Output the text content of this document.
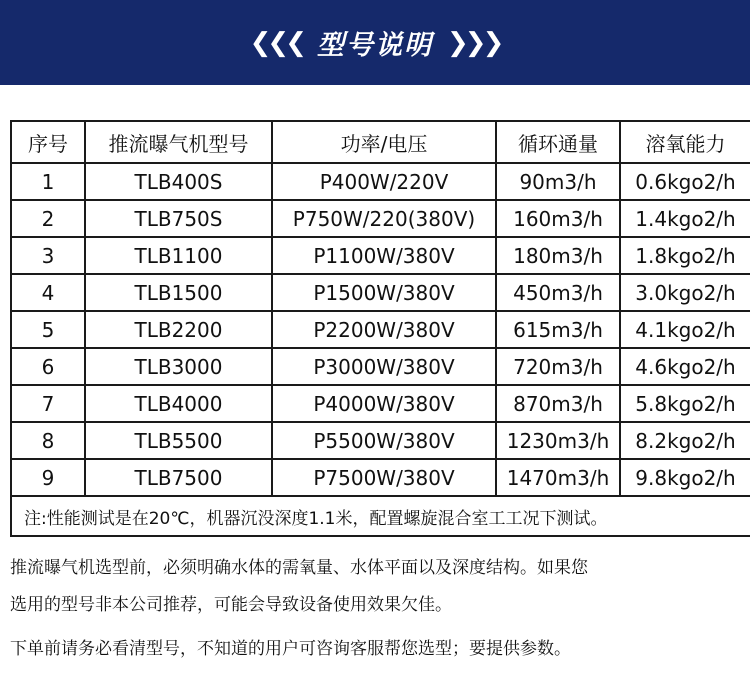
❮❮❮ 型号说明 ❯❯❯
序号	推流曝气机型号	功率/电压	循环通量	溶氧能力
1	TLB400S	P400W/220V	90m3/h	0.6kgo2/h
2	TLB750S	P750W/220(380V)	160m3/h	1.4kgo2/h
3	TLB1100	P1100W/380V	180m3/h	1.8kgo2/h
4	TLB1500	P1500W/380V	450m3/h	3.0kgo2/h
5	TLB2200	P2200W/380V	615m3/h	4.1kgo2/h
6	TLB3000	P3000W/380V	720m3/h	4.6kgo2/h
7	TLB4000	P4000W/380V	870m3/h	5.8kgo2/h
8	TLB5500	P5500W/380V	1230m3/h	8.2kgo2/h
9	TLB7500	P7500W/380V	1470m3/h	9.8kgo2/h
注:性能测试是在20℃，机器沉没深度1.1米，配置螺旋混合室工工况下测试。				
推流曝气机选型前，必须明确水体的需氧量、水体平面以及深度结构。如果您
选用的型号非本公司推荐，可能会导致设备使用效果欠佳。
下单前请务必看清型号，不知道的用户可咨询客服帮您选型；要提供参数。
